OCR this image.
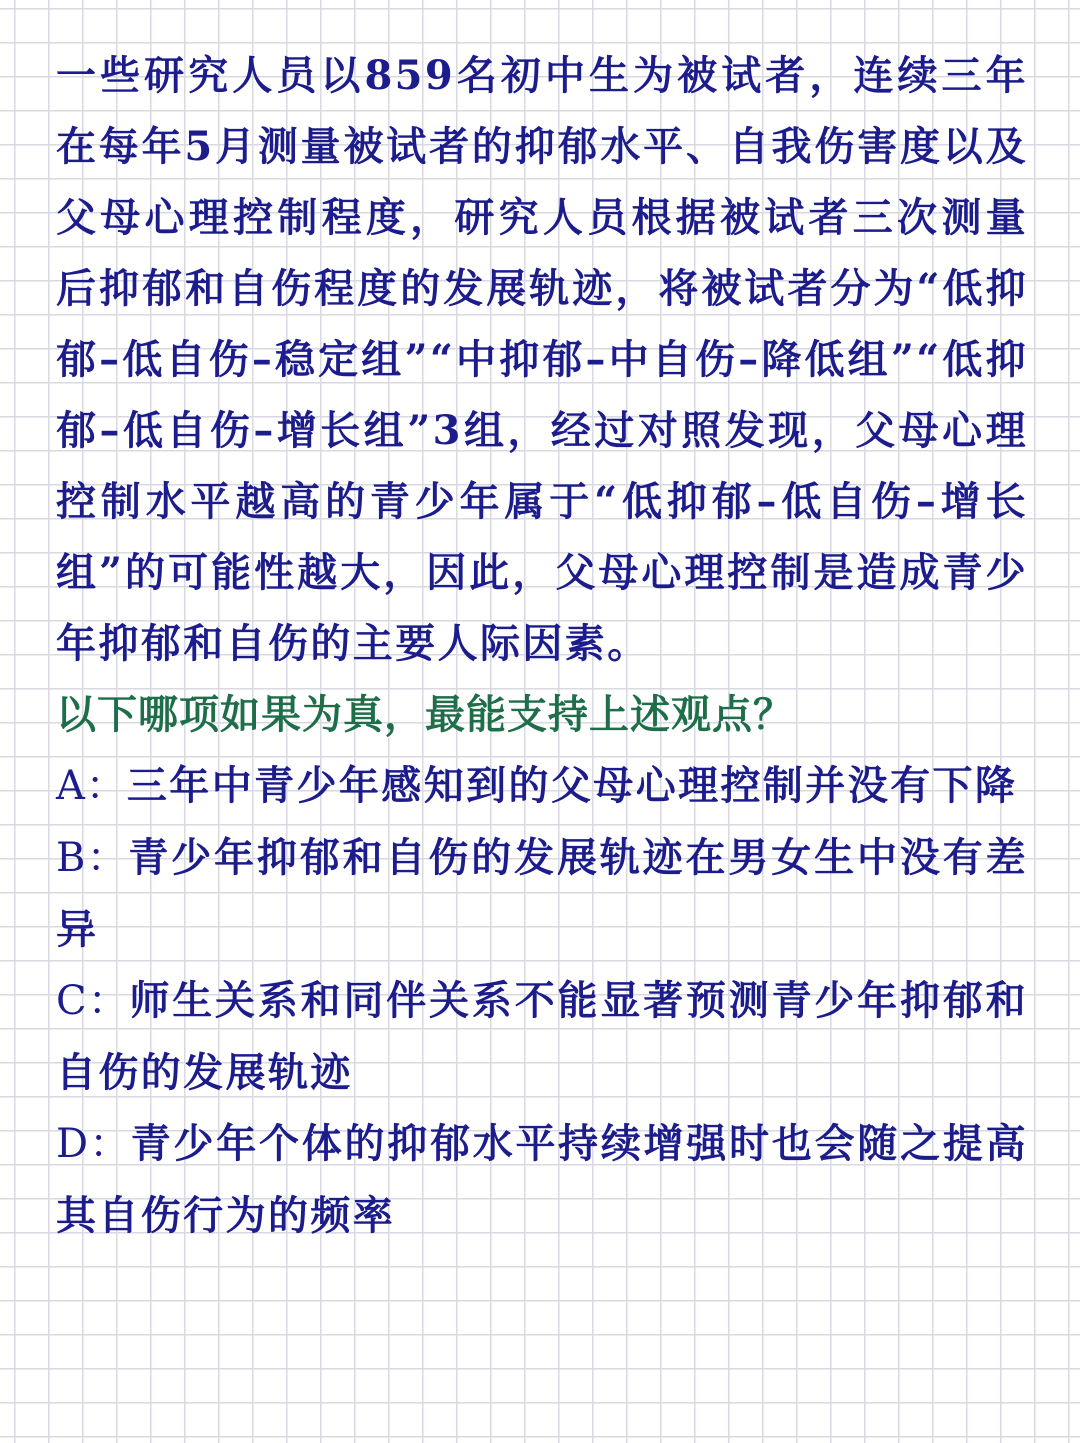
一些研究人员以859名初中生为被试者，连续三年在每年5月测量被试者的抑郁水平、自我伤害度以及父母心理控制程度，研究人员根据被试者三次测量后抑郁和自伤程度的发展轨迹，将被试者分为“低抑郁–低自伤–稳定组”“中抑郁–中自伤–降低组”“低抑郁–低自伤–增长组”3组，经过对照发现，父母心理控制水平越高的青少年属于“低抑郁–低自伤–增长组”的可能性越大，因此，父母心理控制是造成青少年抑郁和自伤的主要人际因素。

以下哪项如果为真，最能支持上述观点？

A：三年中青少年感知到的父母心理控制并没有下降

B：青少年抑郁和自伤的发展轨迹在男女生中没有差异

C：师生关系和同伴关系不能显著预测青少年抑郁和自伤的发展轨迹

D：青少年个体的抑郁水平持续增强时也会随之提高其自伤行为的频率
